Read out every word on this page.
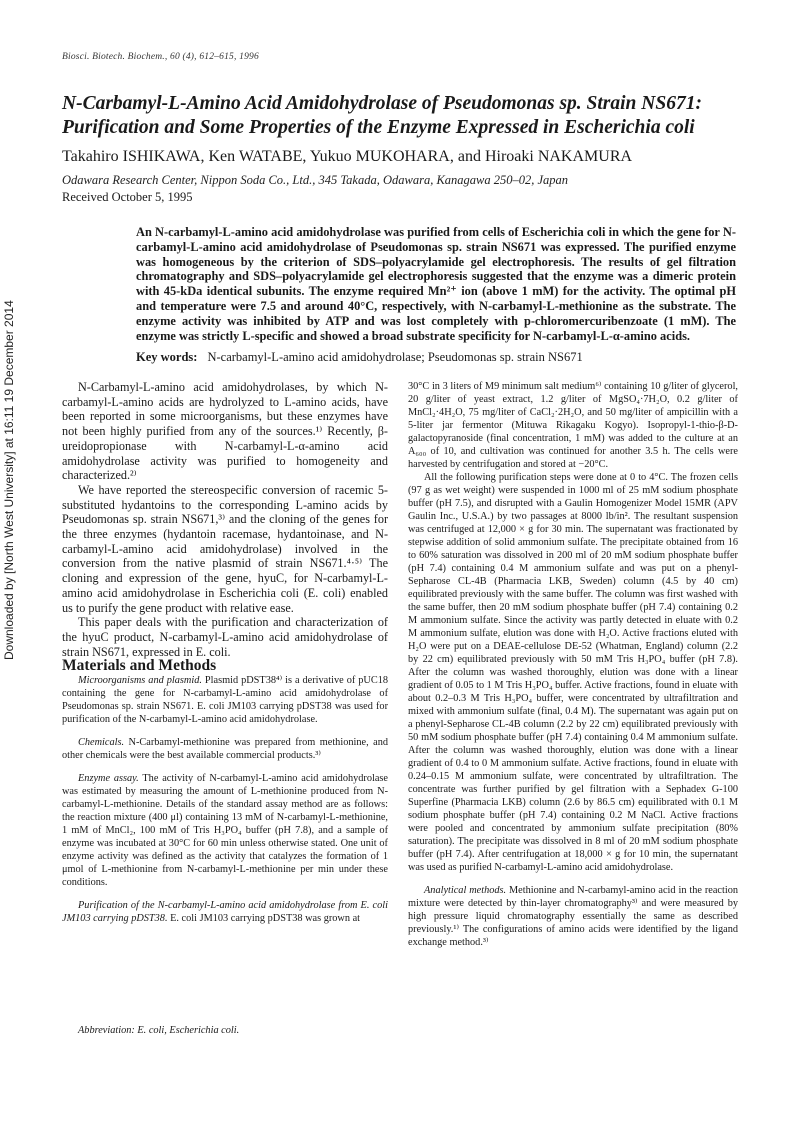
Biosci. Biotech. Biochem., 60 (4), 612–615, 1996
N-Carbamyl-L-Amino Acid Amidohydrolase of Pseudomonas sp. Strain NS671: Purification and Some Properties of the Enzyme Expressed in Escherichia coli
Takahiro ISHIKAWA, Ken WATABE, Yukuo MUKOHARA, and Hiroaki NAKAMURA
Odawara Research Center, Nippon Soda Co., Ltd., 345 Takada, Odawara, Kanagawa 250–02, Japan
Received October 5, 1995
An N-carbamyl-L-amino acid amidohydrolase was purified from cells of Escherichia coli in which the gene for N-carbamyl-L-amino acid amidohydrolase of Pseudomonas sp. strain NS671 was expressed. The purified enzyme was homogeneous by the criterion of SDS–polyacrylamide gel electrophoresis. The results of gel filtration chromatography and SDS–polyacrylamide gel electrophoresis suggested that the enzyme was a dimeric protein with 45-kDa identical subunits. The enzyme required Mn²⁺ ion (above 1 mM) for the activity. The optimal pH and temperature were 7.5 and around 40°C, respectively, with N-carbamyl-L-methionine as the substrate. The enzyme activity was inhibited by ATP and was lost completely with p-chloromercuribenzoate (1 mM). The enzyme was strictly L-specific and showed a broad substrate specificity for N-carbamyl-L-α-amino acids.
Key words: N-carbamyl-L-amino acid amidohydrolase; Pseudomonas sp. strain NS671
Downloaded by [North West University] at 16:11 19 December 2014	N-Carbamyl-L-amino acid amidohydrolases, by which N-carbamyl-L-amino acids are hydrolyzed to L-amino acids, have been reported in some microorganisms, but these enzymes have not been highly purified from any of the sources.¹⁾ Recently, β-ureidopropionase with N-carbamyl-L-α-amino acid amidohydrolase activity was purified to homogeneity and characterized.²⁾

We have reported the stereospecific conversion of racemic 5-substituted hydantoins to the corresponding L-amino acids by Pseudomonas sp. strain NS671,³⁾ and the cloning of the genes for the three enzymes (hydantoin racemase, hydantoinase, and N-carbamyl-L-amino acid amidohydrolase) involved in the conversion from the native plasmid of strain NS671.⁴·⁵⁾ The cloning and expression of the gene, hyuC, for N-carbamyl-L-amino acid amidohydrolase in Escherichia coli (E. coli) enabled us to purify the gene product with relative ease.

This paper deals with the purification and characterization of the hyuC product, N-carbamyl-L-amino acid amidohydrolase of strain NS671, expressed in E. coli.

Materials and Methods

Microorganisms and plasmid. Plasmid pDST38⁴⁾ is a derivative of pUC18 containing the gene for N-carbamyl-L-amino acid amidohydrolase of Pseudomonas sp. strain NS671. E. coli JM103 carrying pDST38 was used for purification of the N-carbamyl-L-amino acid amidohydrolase.

Chemicals. N-Carbamyl-methionine was prepared from methionine, and other chemicals were the best available commercial products.³⁾

Enzyme assay. The activity of N-carbamyl-L-amino acid amidohydrolase was estimated by measuring the amount of L-methionine produced from N-carbamyl-L-methionine. Details of the standard assay method are as follows: the reaction mixture (400 μl) containing 13 mM of N-carbamyl-L-methionine, 1 mM of MnCl₂, 100 mM of Tris H₃PO₄ buffer (pH 7.8), and a sample of enzyme was incubated at 30°C for 60 min unless otherwise stated. One unit of enzyme activity was defined as the activity that catalyzes the formation of 1 μmol of L-methionine from N-carbamyl-L-methionine per min under these conditions.

Purification of the N-carbamyl-L-amino acid amidohydrolase from E. coli JM103 carrying pDST38. E. coli JM103 carrying pDST38 was grown at

30°C in 3 liters of M9 minimum salt medium⁶⁾ containing 10 g/liter of glycerol, 20 g/liter of yeast extract, 1.2 g/liter of MgSO₄·7H₂O, 0.2 g/liter of MnCl₂·4H₂O, 75 mg/liter of CaCl₂·2H₂O, and 50 mg/liter of ampicillin with a 5-liter jar fermentor (Mituwa Rikagaku Kogyo). Isopropyl-1-thio-β-D-galactopyranoside (final concentration, 1 mM) was added to the culture at an A₆₀₀ of 10, and cultivation was continued for another 3.5 h. The cells were harvested by centrifugation and stored at −20°C.

All the following purification steps were done at 0 to 4°C. The frozen cells (97 g as wet weight) were suspended in 1000 ml of 25 mM sodium phosphate buffer (pH 7.5), and disrupted with a Gaulin Homogenizer Model 15MR (APV Gaulin Inc., U.S.A.) by two passages at 8000 lb/in². The resultant suspension was centrifuged at 12,000 × g for 30 min. The supernatant was fractionated by stepwise addition of solid ammonium sulfate. The precipitate obtained from 16 to 60% saturation was dissolved in 200 ml of 20 mM sodium phosphate buffer (pH 7.4) containing 0.4 M ammonium sulfate and was put on a phenyl-Sepharose CL-4B (Pharmacia LKB, Sweden) column (4.5 by 40 cm) equilibrated previously with the same buffer. The column was first washed with the same buffer, then 20 mM sodium phosphate buffer (pH 7.4) containing 0.2 M ammonium sulfate. Since the activity was partly detected in eluate with 0.2 M ammonium sulfate, elution was done with H₂O. Active fractions eluted with H₂O were put on a DEAE-cellulose DE-52 (Whatman, England) column (2.2 by 22 cm) equilibrated previously with 50 mM Tris H₃PO₄ buffer (pH 7.8). After the column was washed thoroughly, elution was done with a linear gradient of 0.05 to 1 M Tris H₃PO₄ buffer. Active fractions, found in eluate with about 0.2–0.3 M Tris H₃PO₄ buffer, were concentrated by ultrafiltration and mixed with ammonium sulfate (final, 0.4 M). The supernatant was again put on a phenyl-Sepharose CL-4B column (2.2 by 22 cm) equilibrated previously with 50 mM sodium phosphate buffer (pH 7.4) containing 0.4 M ammonium sulfate. After the column was washed thoroughly, elution was done with a linear gradient of 0.4 to 0 M ammonium sulfate. Active fractions, found in eluate with 0.24–0.15 M ammonium sulfate, were concentrated by ultrafiltration. The concentrate was further purified by gel filtration with a Sephadex G-100 Superfine (Pharmacia LKB) column (2.6 by 86.5 cm) equilibrated with 0.1 M sodium phosphate buffer (pH 7.4) containing 0.2 M NaCl. Active fractions were pooled and concentrated by ammonium sulfate precipitation (80% saturation). The precipitate was dissolved in 8 ml of 20 mM sodium phosphate buffer (pH 7.4). After centrifugation at 18,000 × g for 10 min, the supernatant was used as purified N-carbamyl-L-amino acid amidohydrolase.

Analytical methods. Methionine and N-carbamyl-amino acid in the reaction mixture were detected by thin-layer chromatography³⁾ and were measured by high pressure liquid chromatography essentially the same as described previously.¹⁾ The configurations of amino acids were identified by the ligand exchange method.³⁾

Abbreviation: E. coli, Escherichia coli.
